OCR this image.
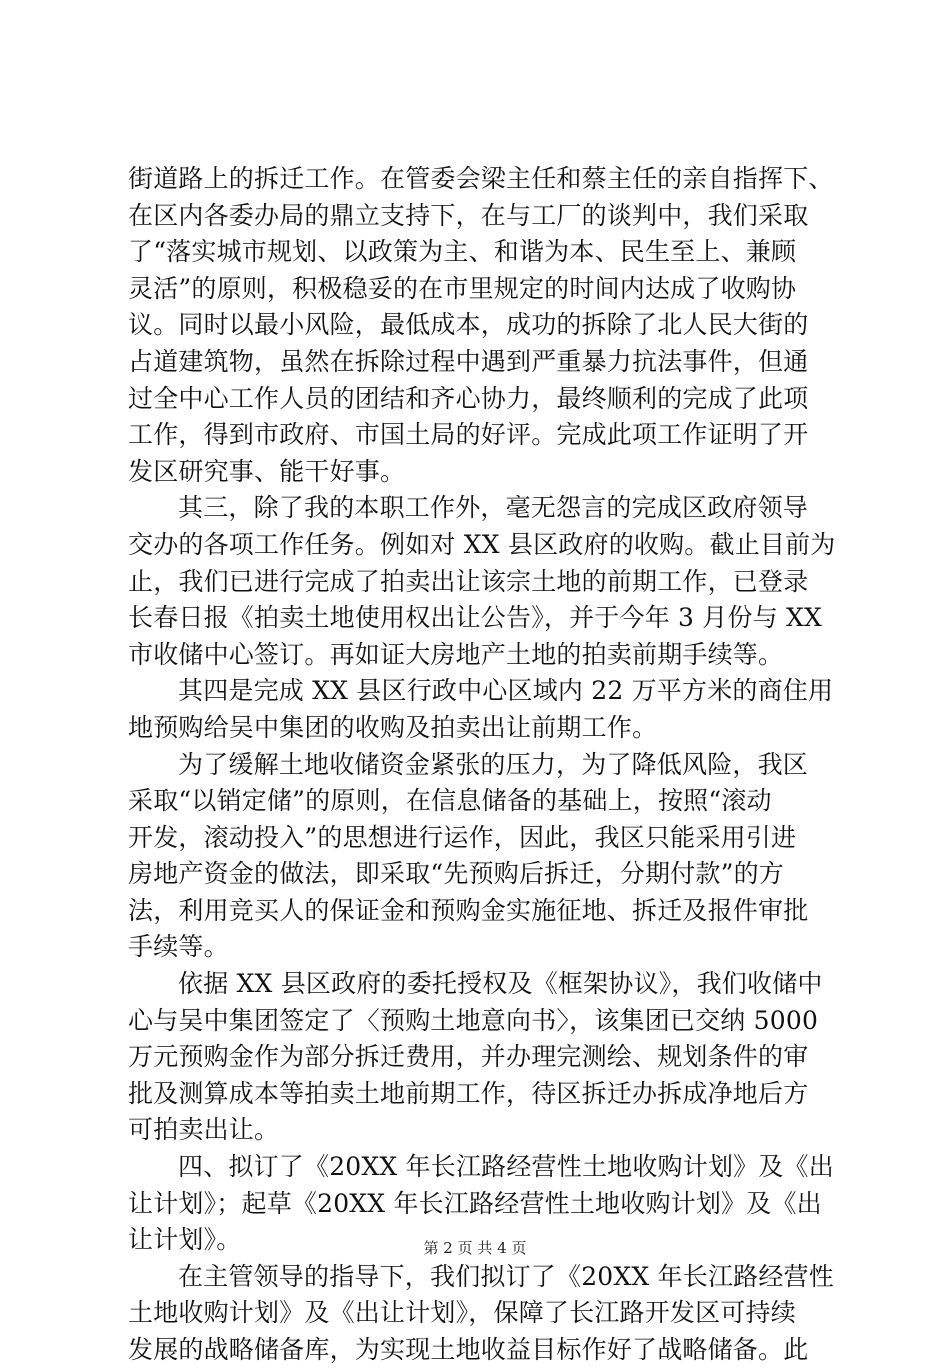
街道路上的拆迁工作。在管委会梁主任和蔡主任的亲自指挥下、
在区内各委办局的鼎立支持下，在与工厂的谈判中，我们采取
了“落实城市规划、以政策为主、和谐为本、民生至上、兼顾
灵活”的原则，积极稳妥的在市里规定的时间内达成了收购协
议。同时以最小风险，最低成本，成功的拆除了北人民大街的
占道建筑物，虽然在拆除过程中遇到严重暴力抗法事件，但通
过全中心工作人员的团结和齐心协力，最终顺利的完成了此项
工作，得到市政府、市国土局的好评。完成此项工作证明了开
发区研究事、能干好事。
其三，除了我的本职工作外，毫无怨言的完成区政府领导
交办的各项工作任务。例如对 XX 县区政府的收购。截止目前为
止，我们已进行完成了拍卖出让该宗土地的前期工作，已登录
长春日报《拍卖土地使用权出让公告》，并于今年 3 月份与 XX
市收储中心签订。再如证大房地产土地的拍卖前期手续等。
其四是完成 XX 县区行政中心区域内 22 万平方米的商住用
地预购给吴中集团的收购及拍卖出让前期工作。
为了缓解土地收储资金紧张的压力，为了降低风险，我区
采取“以销定储”的原则，在信息储备的基础上，按照“滚动
开发，滚动投入”的思想进行运作，因此，我区只能采用引进
房地产资金的做法，即采取“先预购后拆迁，分期付款”的方
法，利用竞买人的保证金和预购金实施征地、拆迁及报件审批
手续等。
依据 XX 县区政府的委托授权及《框架协议》，我们收储中
心与吴中集团签定了〈预购土地意向书〉，该集团已交纳 5000
万元预购金作为部分拆迁费用，并办理完测绘、规划条件的审
批及测算成本等拍卖土地前期工作，待区拆迁办拆成净地后方
可拍卖出让。
四、拟订了《20XX 年长江路经营性土地收购计划》及《出
让计划》；起草《20XX 年长江路经营性土地收购计划》及《出
让计划》。
在主管领导的指导下，我们拟订了《20XX 年长江路经营性
土地收购计划》及《出让计划》，保障了长江路开发区可持续
发展的战略储备库，为实现土地收益目标作好了战略储备。此
第 2 页 共 4 页
